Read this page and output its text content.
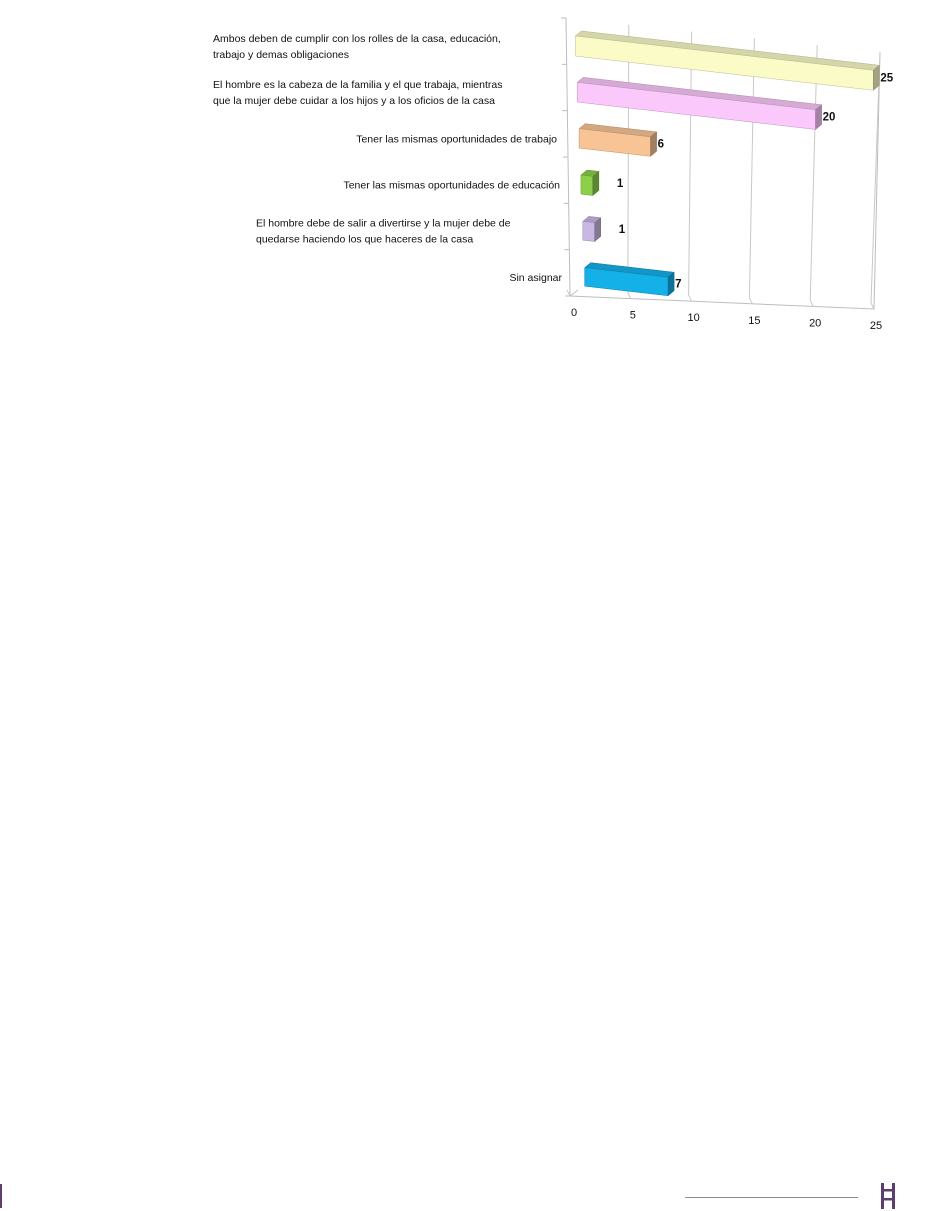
0	5	10	15	20	25
Ambos deben de cumplir con los rolles de la casa, educación,
trabajo y demas obligaciones
El hombre es la cabeza de la familia y el que trabaja, mientras
que la mujer debe cuidar a los hijos y a los oficios de la casa
Tener las mismas oportunidades de trabajo
Tener las mismas oportunidades de educación
El hombre debe de salir a divertirse y la mujer debe de
quedarse haciendo los que haceres de la casa
Sin asignar
25
20
6
1
1
7
